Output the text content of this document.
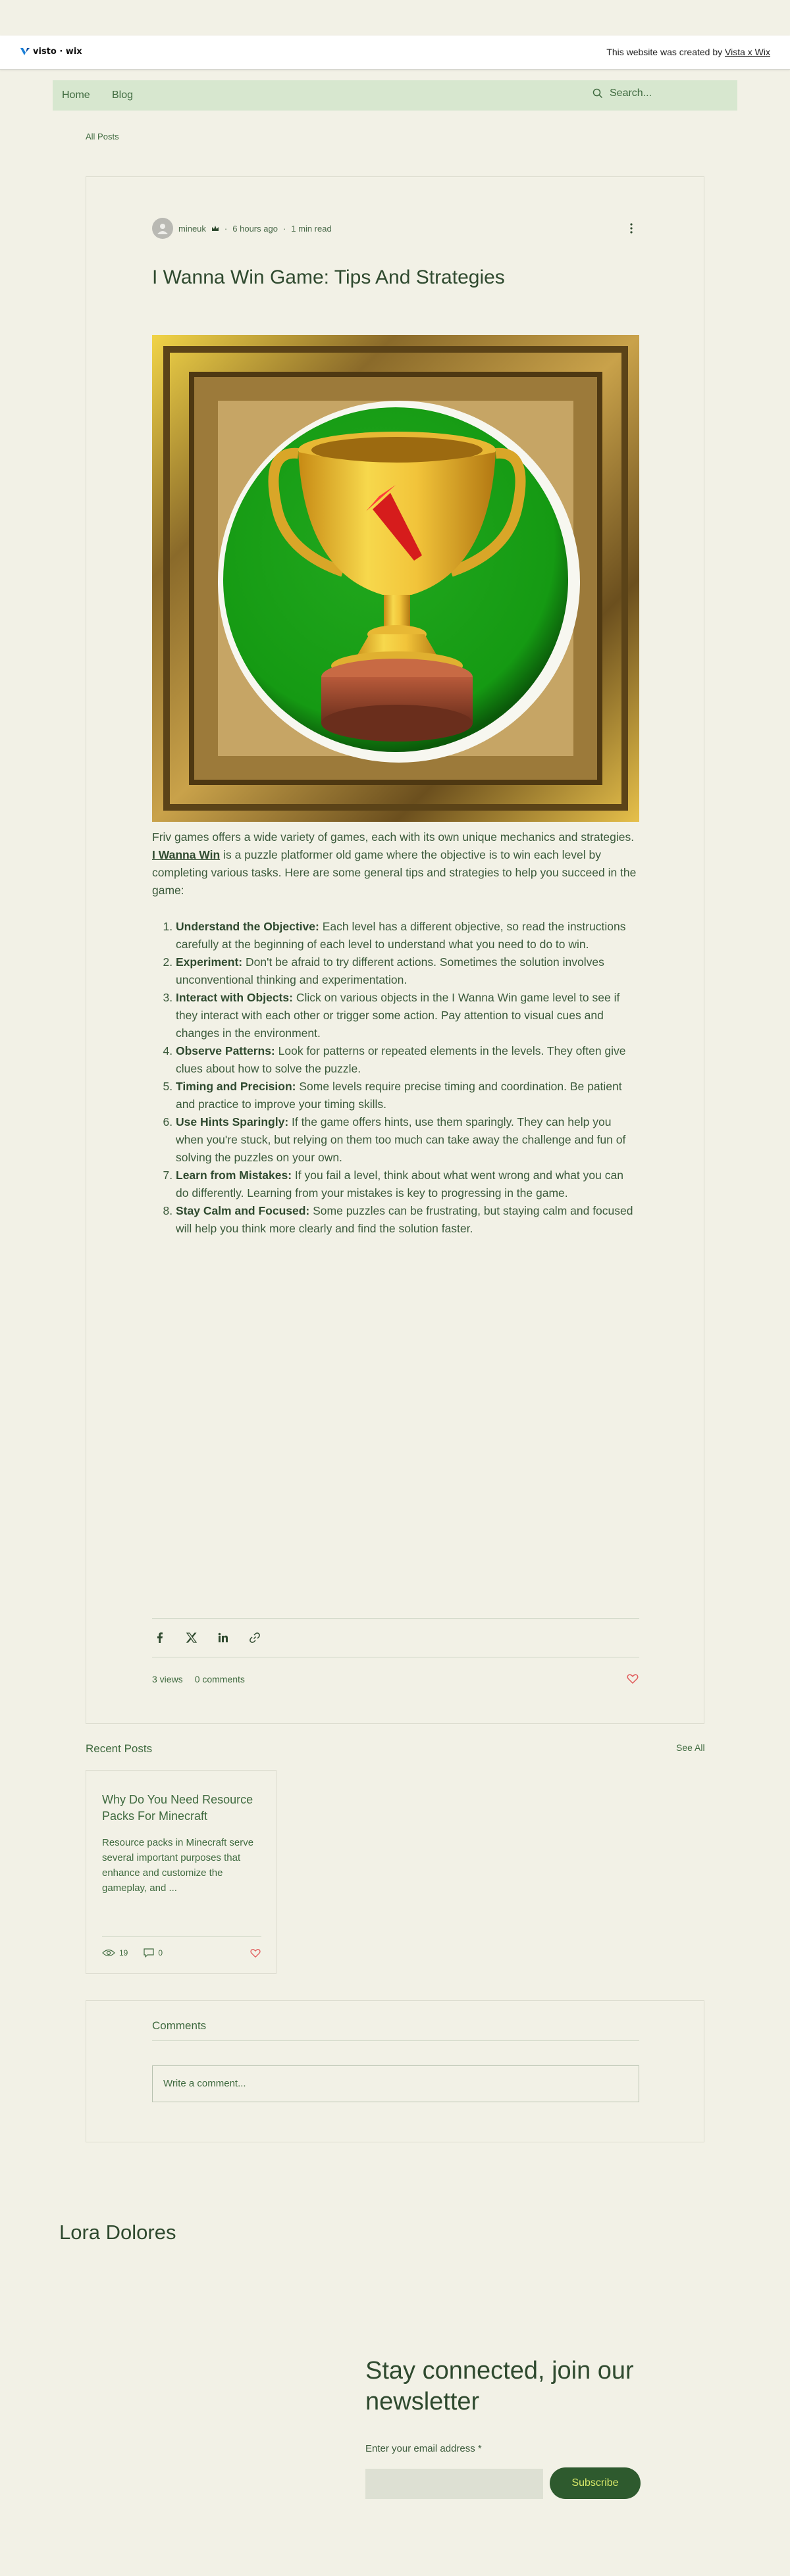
visto · wix	This website was created by Vista x Wix
Home Blog	Search...
All Posts
mineuk · 6 hours ago · 1 min read
I Wanna Win Game: Tips And Strategies

Friv games offers a wide variety of games, each with its own unique mechanics and strategies. I Wanna Win is a puzzle platformer old game where the objective is to win each level by completing various tasks. Here are some general tips and strategies to help you succeed in the game:

1. Understand the Objective: Each level has a different objective, so read the instructions carefully at the beginning of each level to understand what you need to do to win.
2. Experiment: Don't be afraid to try different actions. Sometimes the solution involves unconventional thinking and experimentation.
3. Interact with Objects: Click on various objects in the I Wanna Win game level to see if they interact with each other or trigger some action. Pay attention to visual cues and changes in the environment.
4. Observe Patterns: Look for patterns or repeated elements in the levels. They often give clues about how to solve the puzzle.
5. Timing and Precision: Some levels require precise timing and coordination. Be patient and practice to improve your timing skills.
6. Use Hints Sparingly: If the game offers hints, use them sparingly. They can help you when you're stuck, but relying on them too much can take away the challenge and fun of solving the puzzles on your own.
7. Learn from Mistakes: If you fail a level, think about what went wrong and what you can do differently. Learning from your mistakes is key to progressing in the game.
8. Stay Calm and Focused: Some puzzles can be frustrating, but staying calm and focused will help you think more clearly and find the solution faster.
3 views 0 comments
Recent Posts	See All
Why Do You Need Resource Packs For Minecraft
Resource packs in Minecraft serve several important purposes that enhance and customize the gameplay, and ...
19	0
Comments
Write a comment...
Lora Dolores
Stay connected, join our newsletter
Enter your email address *
Subscribe
